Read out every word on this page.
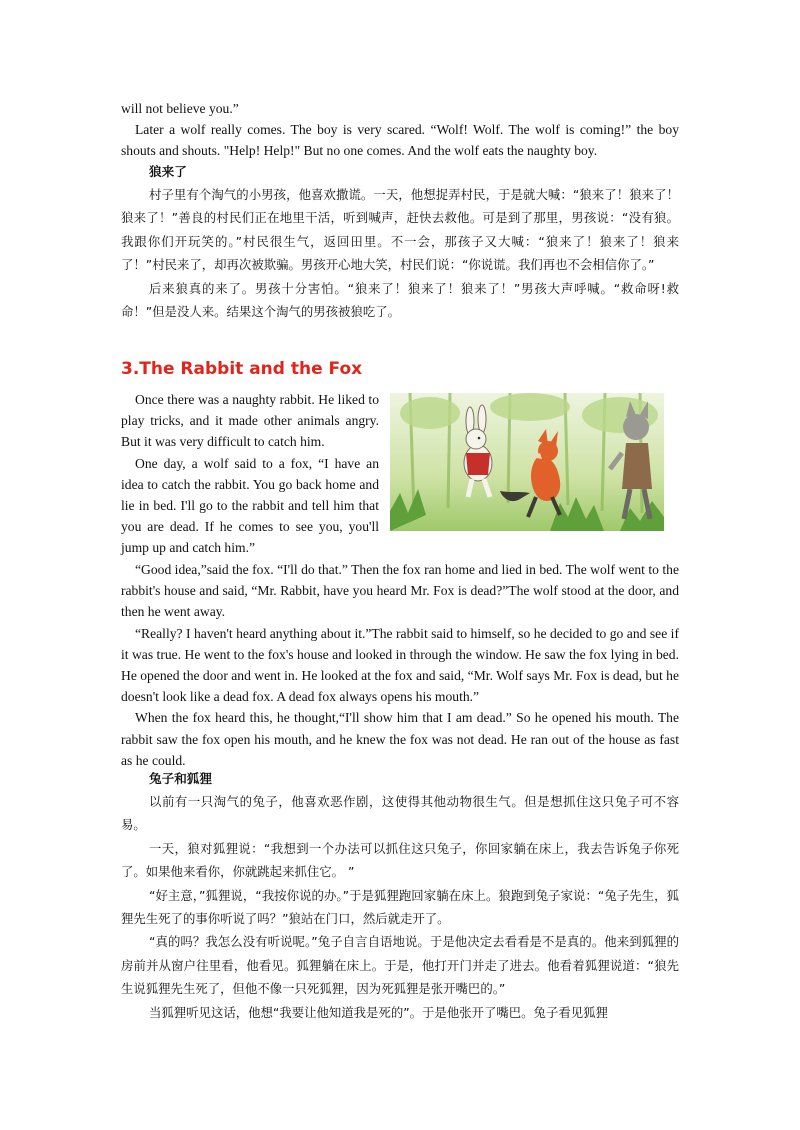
will not believe you.”

Later a wolf really comes. The boy is very scared. “Wolf! Wolf. The wolf is coming!” the boy shouts and shouts. "Help! Help!" But no one comes. And the wolf eats the naughty boy.

狼来了

村子里有个淘气的小男孩，他喜欢撒谎。一天，他想捉弄村民，于是就大喊：“狼来了！狼来了！狼来了！”善良的村民们正在地里干活，听到喊声，赶快去救他。可是到了那里，男孩说：“没有狼。我跟你们开玩笑的。”村民很生气，返回田里。不一会，那孩子又大喊：“狼来了！狼来了！狼来了！”村民来了，却再次被欺骗。男孩开心地大笑，村民们说：“你说谎。我们再也不会相信你了。”

后来狼真的来了。男孩十分害怕。“狼来了！狼来了！狼来了！”男孩大声呼喊。“救命呀!救命！”但是没人来。结果这个淘气的男孩被狼吃了。

3.The Rabbit and the Fox

Once there was a naughty rabbit. He liked to play tricks, and it made other animals angry. But it was very difficult to catch him.

One day, a wolf said to a fox, “I have an idea to catch the rabbit. You go back home and lie in bed. I'll go to the rabbit and tell him that you are dead. If he comes to see you, you'll jump up and catch him.”

“Good idea,”said the fox. “I'll do that.” Then the fox ran home and lied in bed. The wolf went to the rabbit's house and said, “Mr. Rabbit, have you heard Mr. Fox is dead?”The wolf stood at the door, and then he went away.

“Really? I haven't heard anything about it.”The rabbit said to himself, so he decided to go and see if it was true. He went to the fox's house and looked in through the window. He saw the fox lying in bed. He opened the door and went in. He looked at the fox and said, “Mr. Wolf says Mr. Fox is dead, but he doesn't look like a dead fox. A dead fox always opens his mouth.”

When the fox heard this, he thought,“I'll show him that I am dead.” So he opened his mouth. The rabbit saw the fox open his mouth, and he knew the fox was not dead. He ran out of the house as fast as he could.

兔子和狐狸

以前有一只淘气的兔子，他喜欢恶作剧，这使得其他动物很生气。但是想抓住这只兔子可不容易。

一天，狼对狐狸说：“我想到一个办法可以抓住这只兔子，你回家躺在床上，我去告诉兔子你死了。如果他来看你，你就跳起来抓住它。 ”

“好主意，”狐狸说，“我按你说的办。”于是狐狸跑回家躺在床上。狼跑到兔子家说：“兔子先生，狐狸先生死了的事你听说了吗？”狼站在门口，然后就走开了。

“真的吗？我怎么没有听说呢。”兔子自言自语地说。于是他决定去看看是不是真的。他来到狐狸的房前并从窗户往里看，他看见。狐狸躺在床上。于是，他打开门并走了进去。他看着狐狸说道：“狼先生说狐狸先生死了，但他不像一只死狐狸，因为死狐狸是张开嘴巴的。”

当狐狸听见这话，他想“我要让他知道我是死的”。于是他张开了嘴巴。兔子看见狐狸
